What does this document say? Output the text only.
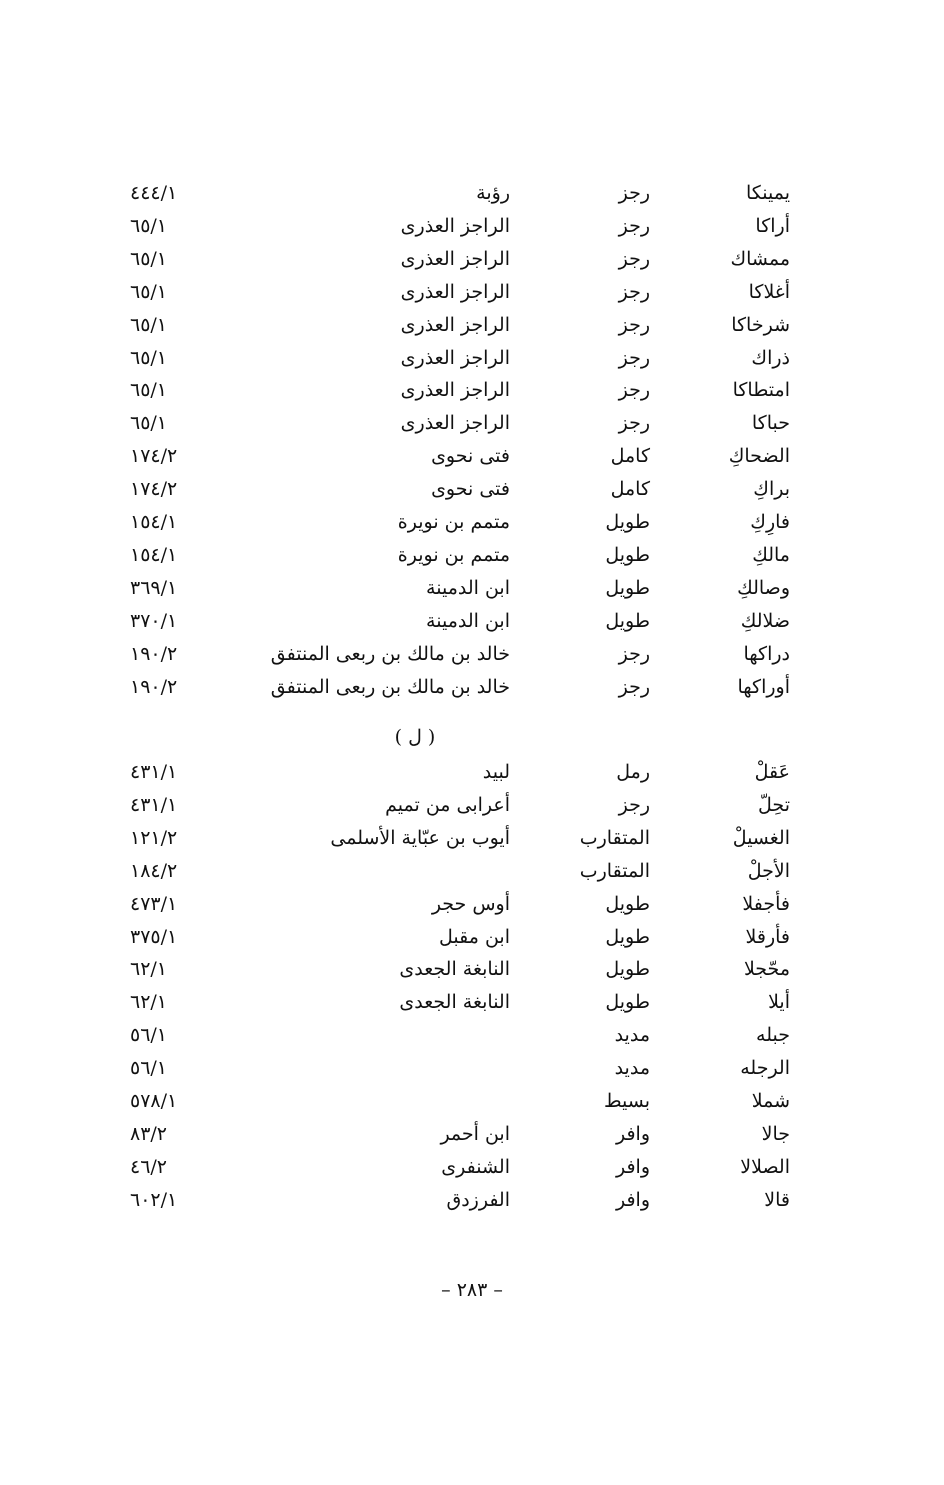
يمينكا
رجز
رؤبة
٤٤٤/١
أراكا
رجز
الراجز العذرى
٦٥/١
ممشاك
رجز
الراجز العذرى
٦٥/١
أغلاكا
رجز
الراجز العذرى
٦٥/١
شرخاكا
رجز
الراجز العذرى
٦٥/١
ذراك
رجز
الراجز العذرى
٦٥/١
امتطاكا
رجز
الراجز العذرى
٦٥/١
حباكا
رجز
الراجز العذرى
٦٥/١
الضحاكِ
كامل
فتى نحوى
١٧٤/٢
براكِ
كامل
فتى نحوى
١٧٤/٢
فارِكِ
طويل
متمم بن نويرة
١٥٤/١
مالكِ
طويل
متمم بن نويرة
١٥٤/١
وصالكِ
طويل
ابن الدمينة
٣٦٩/١
ضلالكِ
طويل
ابن الدمينة
٣٧٠/١
دراكها
رجز
خالد بن مالك بن ربعى المنتفق
١٩٠/٢
أوراكها
رجز
خالد بن مالك بن ربعى المنتفق
١٩٠/٢
عَقلْ
رمل
لبيد
٤٣١/١
تحِلّ
رجز
أعرابى من تميم
٤٣١/١
الغسيلْ
المتقارب
أيوب بن عبّاية الأسلمى
١٢١/٢
الأجلْ
المتقارب
١٨٤/٢
فأجفلا
طويل
أوس حجر
٤٧٣/١
فأرقلا
طويل
ابن مقبل
٣٧٥/١
محّجلا
طويل
النابغة الجعدى
٦٢/١
أيلا
طويل
النابغة الجعدى
٦٢/١
جبله
مديد
٥٦/١
الرجله
مديد
٥٦/١
شملا
بسيط
٥٧٨/١
جالا
وافر
ابن أحمر
٨٣/٢
الصلالا
وافر
الشنفرى
٤٦/٢
قالا
وافر
الفرزدق
٦٠٢/١
( ل )
– ٢٨٣ –
